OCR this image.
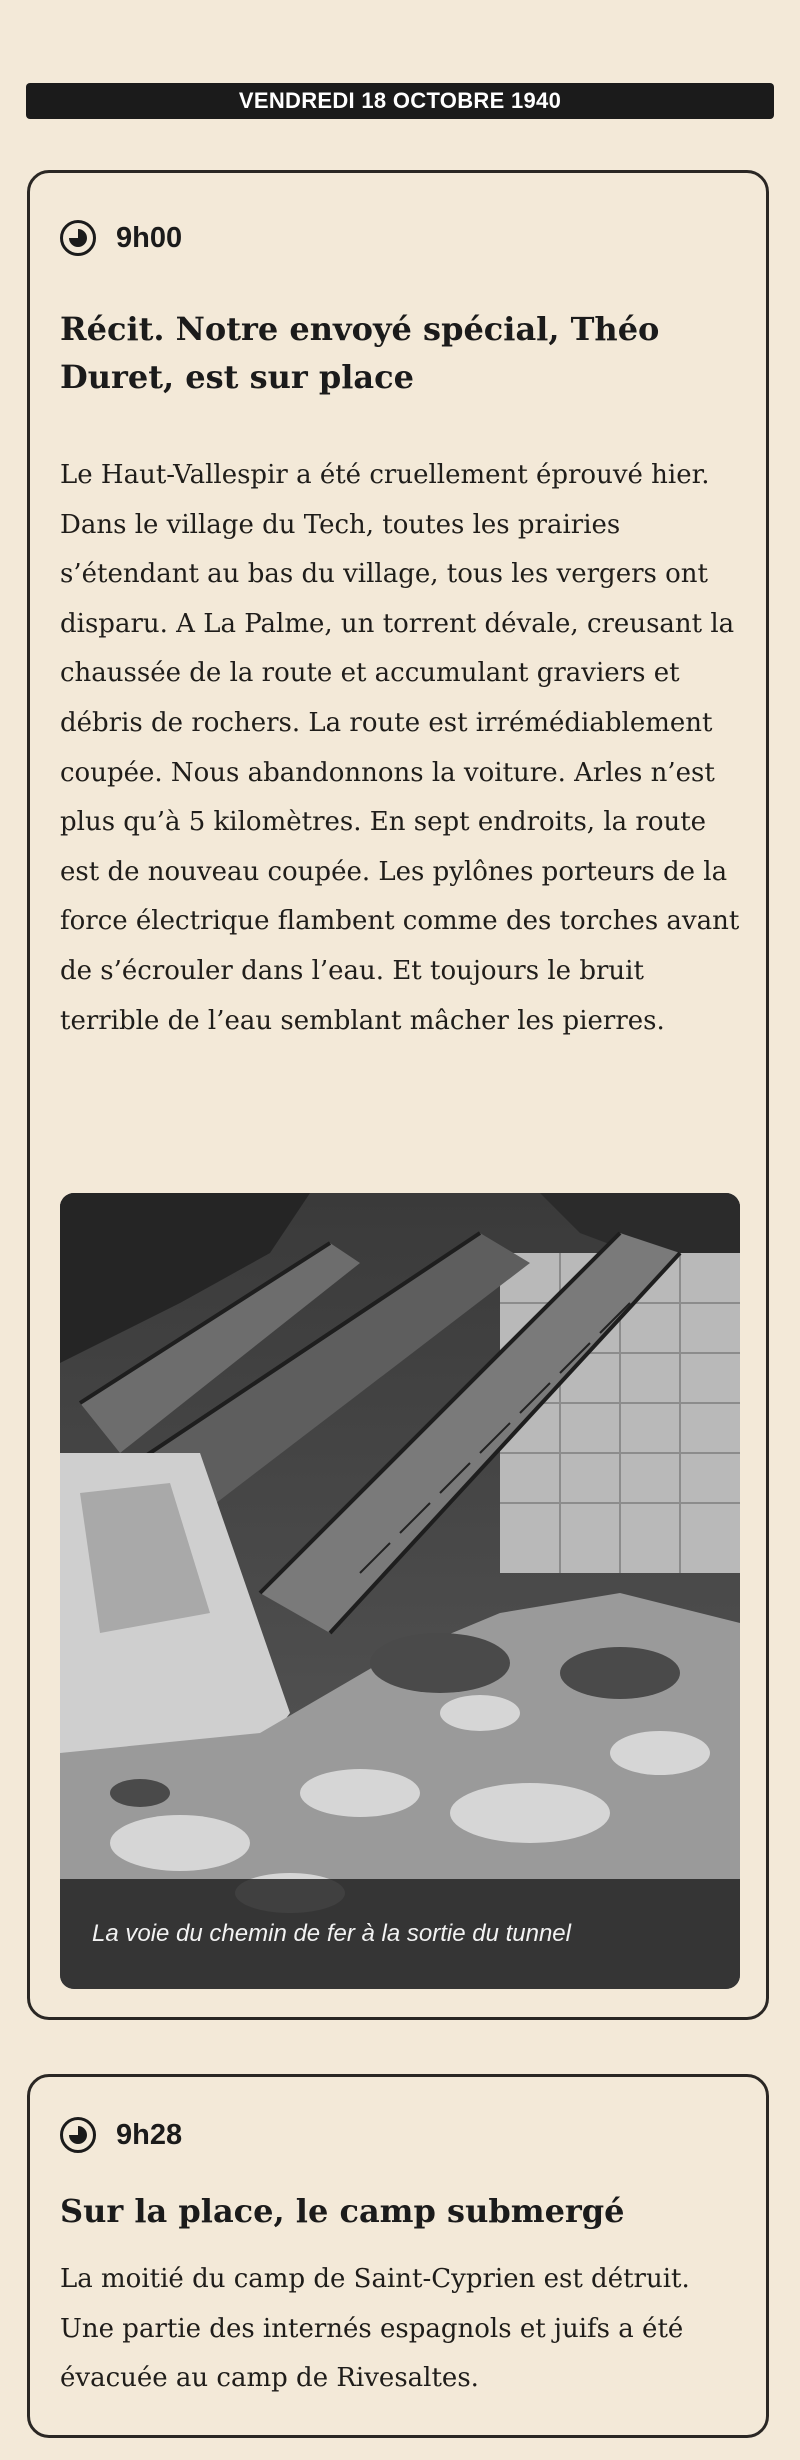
VENDREDI 18 OCTOBRE 1940
9h00
Récit. Notre envoyé spécial, Théo Duret, est sur place

Le Haut-Vallespir a été cruellement éprouvé hier. Dans le village du Tech, toutes les prairies s’étendant au bas du village, tous les vergers ont disparu. A La Palme, un torrent dévale, creusant la chaussée de la route et accumulant graviers et débris de rochers. La route est irrémédiablement coupée. Nous abandonnons la voiture. Arles n’est plus qu’à 5 kilomètres. En sept endroits, la route est de nouveau coupée. Les pylônes porteurs de la force électrique flambent comme des torches avant de s’écrouler dans l’eau. Et toujours le bruit terrible de l’eau semblant mâcher les pierres.

La voie du chemin de fer à la sortie du tunnel
9h28
Sur la place, le camp submergé

La moitié du camp de Saint-Cyprien est détruit. Une partie des internés espagnols et juifs a été évacuée au camp de Rivesaltes.
